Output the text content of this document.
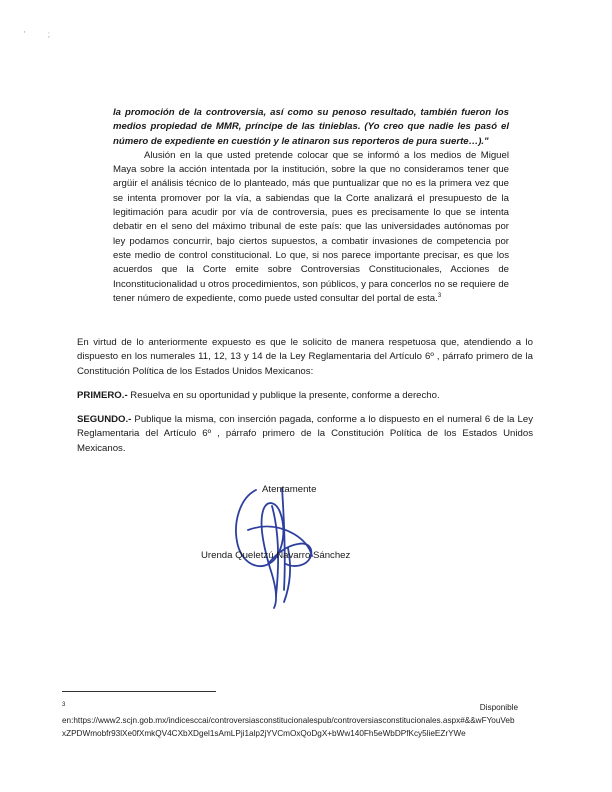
' ;

la promoción de la controversia, así como su penoso resultado, también fueron los medios propiedad de MMR, príncipe de las tinieblas. (Yo creo que nadie les pasó el número de expediente en cuestión y le atinaron sus reporteros de pura suerte…)."

Alusión en la que usted pretende colocar que se informó a los medios de Miguel Maya sobre la acción intentada por la institución, sobre la que no consideramos tener que argüir el análisis técnico de lo planteado, más que puntualizar que no es la primera vez que se intenta promover por la vía, a sabiendas que la Corte analizará el presupuesto de la legitimación para acudir por vía de controversia, pues es precisamente lo que se intenta debatir en el seno del máximo tribunal de este país: que las universidades autónomas por ley podamos concurrir, bajo ciertos supuestos, a combatir invasiones de competencia por este medio de control constitucional. Lo que, si nos parece importante precisar, es que los acuerdos que la Corte emite sobre Controversias Constitucionales, Acciones de Inconstitucionalidad u otros procedimientos, son públicos, y para concerlos no se requiere de tener número de expediente, como puede usted consultar del portal de esta.$^3$

En virtud de lo anteriormente expuesto es que le solicito de manera respetuosa que, atendiendo a lo dispuesto en los numerales 11, 12, 13 y 14 de la Ley Reglamentaria del Artículo 6º , párrafo primero de la Constitución Política de los Estados Unidos Mexicanos:

PRIMERO.- Resuelva en su oportunidad y publique la presente, conforme a derecho.

SEGUNDO.- Publique la misma, con inserción pagada, conforme a lo dispuesto en el numeral 6 de la Ley Reglamentaria del Artículo 6º , párrafo primero de la Constitución Política de los Estados Unidos Mexicanos.

Atentamente
Urenda Queletzú Navarro Sánchez
3	Disponible
en:https://www2.scjn.gob.mx/indicesccai/controversiasconstitucionalespub/controversiasconstitucionales.aspx#&&wFYouVebxZPDWmobfr93lXe0fXmkQV4CXbXDgel1sAmLPji1alp2jYVCmOxQoDgX+bWw140Fh5eWbDPfKcy5lieEZrYWe
